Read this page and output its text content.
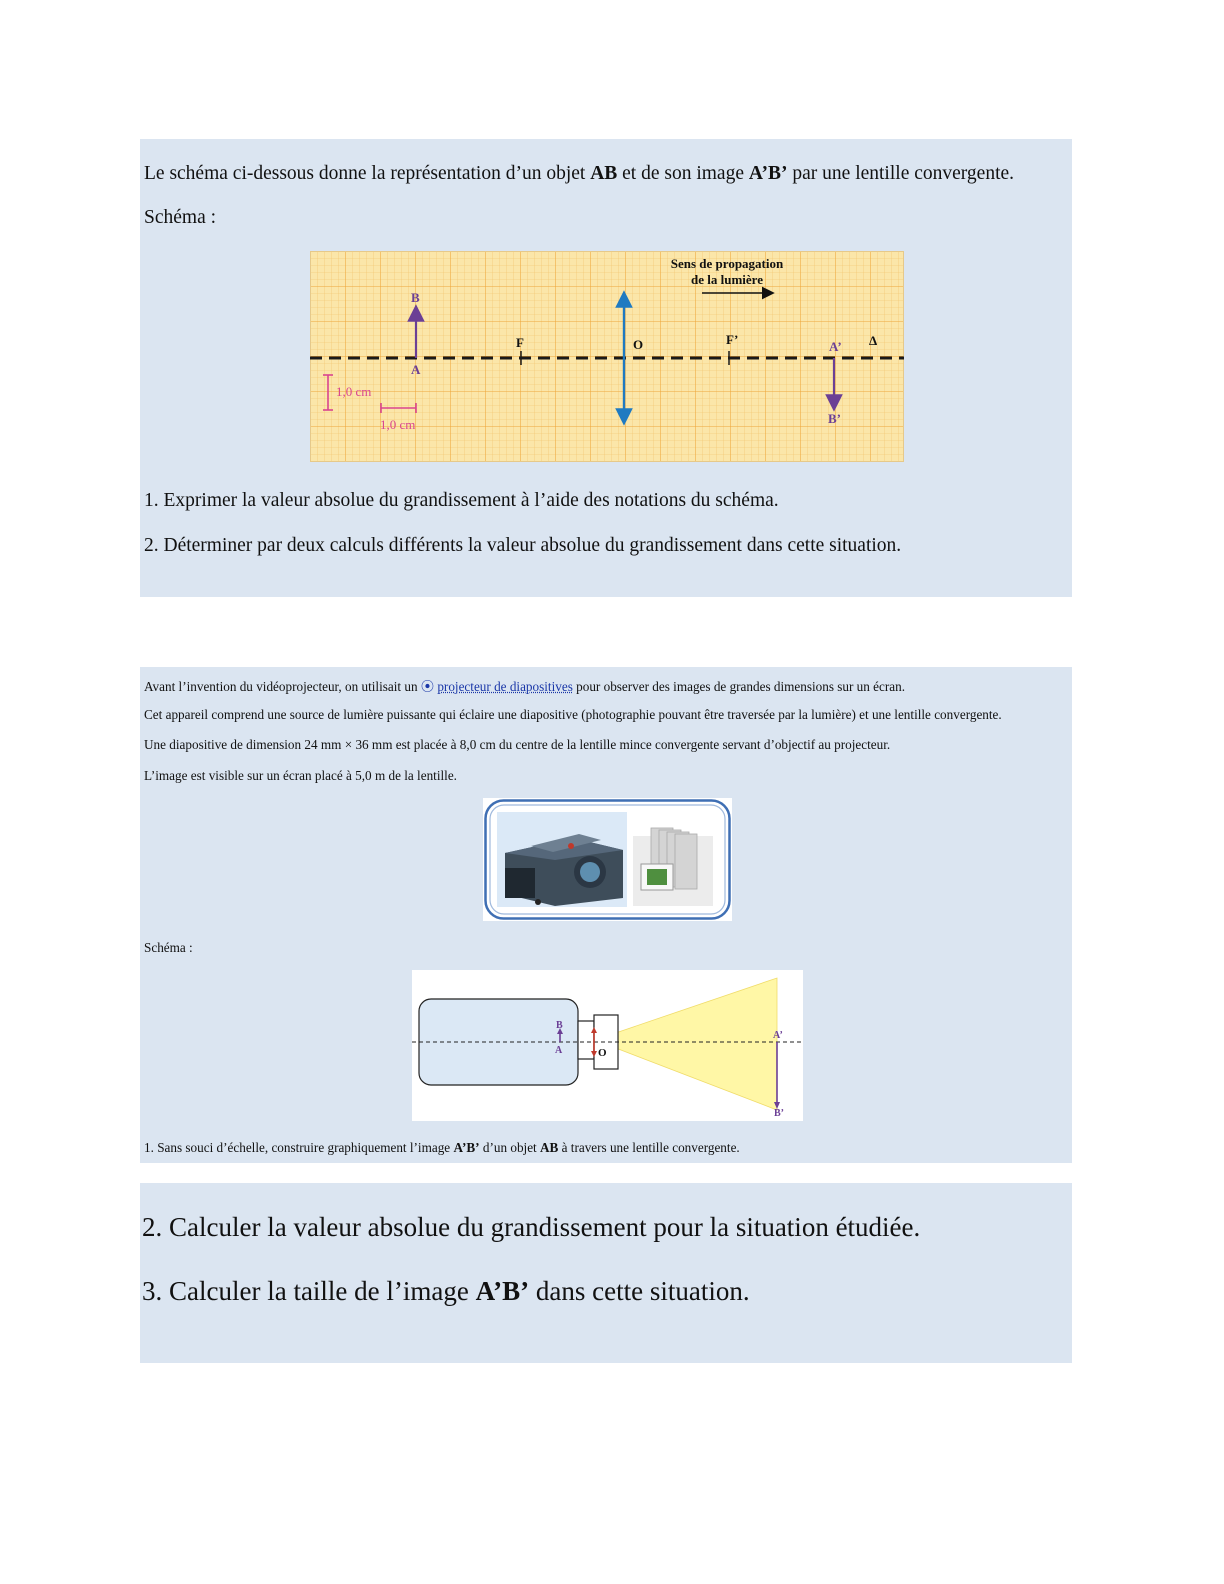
Le schéma ci-dessous donne la représentation d’un objet AB et de son image A’B’ par une lentille convergente.
Schéma :
B
A
F	O	F’	A’
B’
Δ
Sens de propagation
de la lumière
1,0 cm
1,0 cm
1. Exprimer la valeur absolue du grandissement à l’aide des notations du schéma.
2. Déterminer par deux calculs différents la valeur absolue du grandissement dans cette situation.
Avant l’invention du vidéoprojecteur, on utilisait un ⦿ projecteur de diapositives pour observer des images de grandes dimensions sur un écran.
Cet appareil comprend une source de lumière puissante qui éclaire une diapositive (photographie pouvant être traversée par la lumière) et une lentille convergente.
Une diapositive de dimension 24 mm × 36 mm est placée à 8,0 cm du centre de la lentille mince convergente servant d’objectif au projecteur.
L’image est visible sur un écran placé à 5,0 m de la lentille.
Schéma :
B
A	O
A’
B’
1. Sans souci d’échelle, construire graphiquement l’image A’B’ d’un objet AB à travers une lentille convergente.
2. Calculer la valeur absolue du grandissement pour la situation étudiée.
3. Calculer la taille de l’image A’B’ dans cette situation.
